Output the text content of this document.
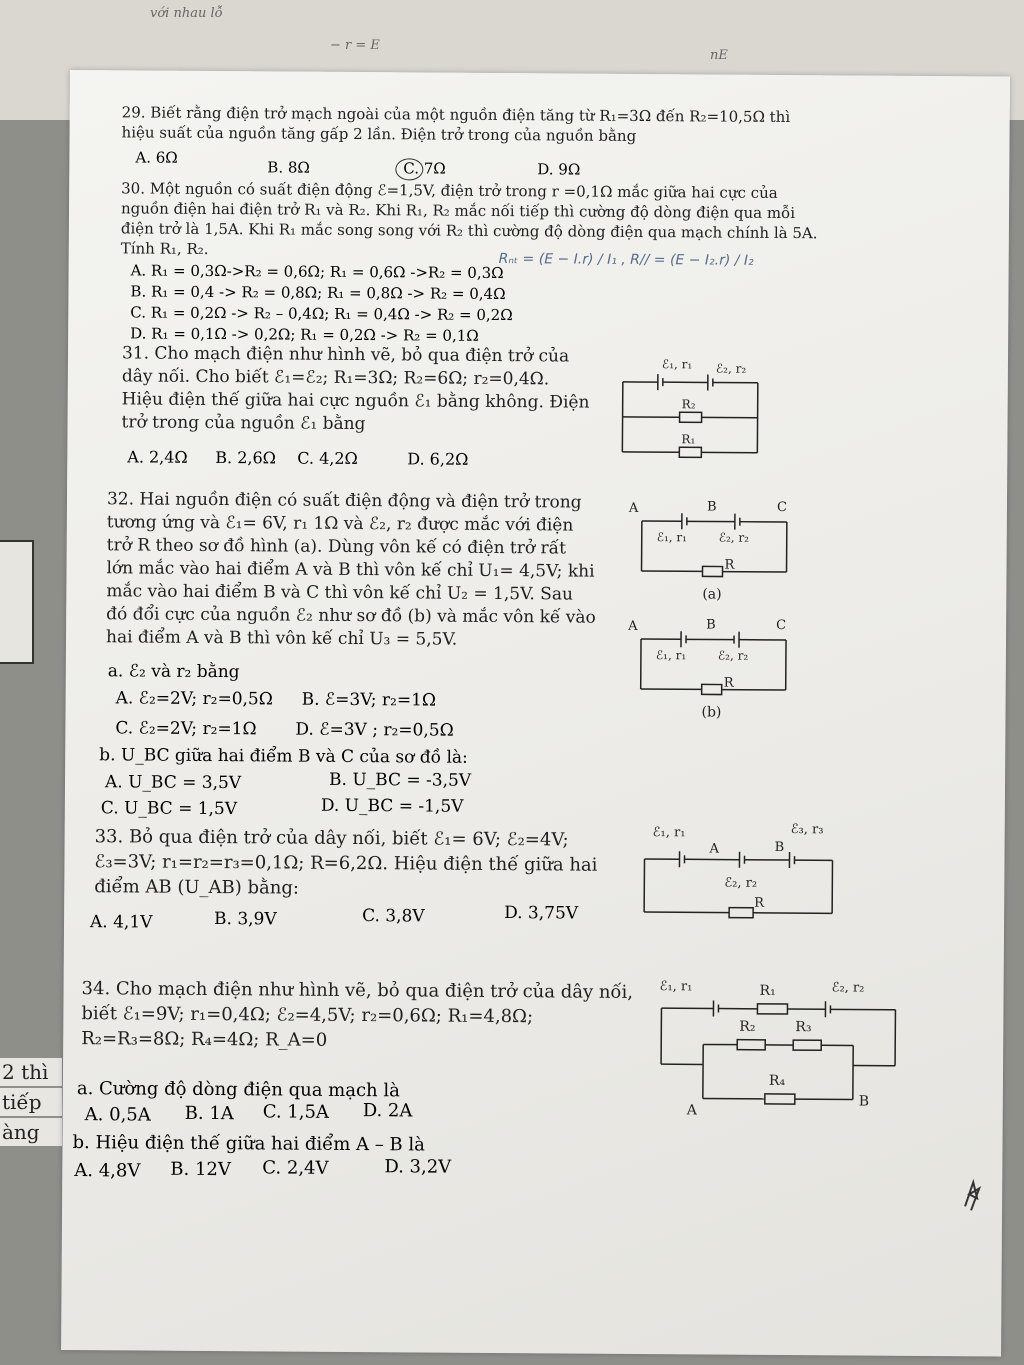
với nhau lỗ
− r = E
nE
2 thì
tiếp
àng
29. Biết rằng điện trở mạch ngoài của một nguồn điện tăng từ R₁=3Ω đến R₂=10,5Ω thì hiệu suất của nguồn tăng gấp 2 lần. Điện trở trong của nguồn bằng
A. 6Ω
B. 8Ω	C. 7Ω	D. 9Ω
30. Một nguồn có suất điện động ℰ=1,5V, điện trở trong r =0,1Ω mắc giữa hai cực của nguồn điện hai điện trở R₁ và R₂. Khi R₁, R₂ mắc nối tiếp thì cường độ dòng điện qua mỗi điện trở là 1,5A. Khi R₁ mắc song song với R₂ thì cường độ dòng điện qua mạch chính là 5A. Tính R₁, R₂.
A. R₁ = 0,3Ω->R₂ = 0,6Ω; R₁ = 0,6Ω ->R₂ = 0,3Ω
B. R₁ = 0,4 -> R₂ = 0,8Ω; R₁ = 0,8Ω -> R₂ = 0,4Ω
C. R₁ = 0,2Ω -> R₂ – 0,4Ω; R₁ = 0,4Ω -> R₂ = 0,2Ω
D. R₁ = 0,1Ω -> 0,2Ω; R₁ = 0,2Ω -> R₂ = 0,1Ω
Rₙₜ = (E − I.r) / I₁ , R// = (E − I₂.r) / I₂
31. Cho mạch điện như hình vẽ, bỏ qua điện trở của dây nối. Cho biết ℰ₁=ℰ₂; R₁=3Ω; R₂=6Ω; r₂=0,4Ω. Hiệu điện thế giữa hai cực nguồn ℰ₁ bằng không. Điện trở trong của nguồn ℰ₁ bằng
A. 2,4Ω B. 2,6Ω C. 4,2Ω	D. 6,2Ω
ℰ₁, r₁ ℰ₂, r₂
R₂
R₁
32. Hai nguồn điện có suất điện động và điện trở trong tương ứng và ℰ₁= 6V, r₁ 1Ω và ℰ₂, r₂ được mắc với điện trở R theo sơ đồ hình (a). Dùng vôn kế có điện trở rất lớn mắc vào hai điểm A và B thì vôn kế chỉ U₁= 4,5V; khi mắc vào hai điểm B và C thì vôn kế chỉ U₂ = 1,5V. Sau đó đổi cực của nguồn ℰ₂ như sơ đồ (b) và mắc vôn kế vào hai điểm A và B thì vôn kế chỉ U₃ = 5,5V.
a. ℰ₂ và r₂ bằng
A. ℰ₂=2V; r₂=0,5Ω B. ℰ=3V; r₂=1Ω
C. ℰ₂=2V; r₂=1Ω D. ℰ=3V ; r₂=0,5Ω
b. U_BC giữa hai điểm B và C của sơ đồ là:
A. U_BC = 3,5V	B. U_BC = -3,5V
C. U_BC = 1,5V	D. U_BC = -1,5V
A	B	C
ℰ₁, r₁	ℰ₂, r₂
R
(a)
A	B	C
ℰ₁, r₁	ℰ₂, r₂
R
(b)
33. Bỏ qua điện trở của dây nối, biết ℰ₁= 6V; ℰ₂=4V; ℰ₃=3V; r₁=r₂=r₃=0,1Ω; R=6,2Ω. Hiệu điện thế giữa hai điểm AB (U_AB) bằng:
A. 4,1V	B. 3,9V	C. 3,8V	D. 3,75V
ℰ₁, r₁
A	B
ℰ₃, r₃
ℰ₂, r₂
R
34. Cho mạch điện như hình vẽ, bỏ qua điện trở của dây nối, biết ℰ₁=9V; r₁=0,4Ω; ℰ₂=4,5V; r₂=0,6Ω; R₁=4,8Ω; R₂=R₃=8Ω; R₄=4Ω; R_A=0
a. Cường độ dòng điện qua mạch là
A. 0,5A B. 1A C. 1,5A D. 2A
b. Hiệu điện thế giữa hai điểm A – B là
A. 4,8V B. 12V C. 2,4V	D. 3,2V
ℰ₁, r₁	R₁	ℰ₂, r₂
R₂	R₃
R₄
A
B
